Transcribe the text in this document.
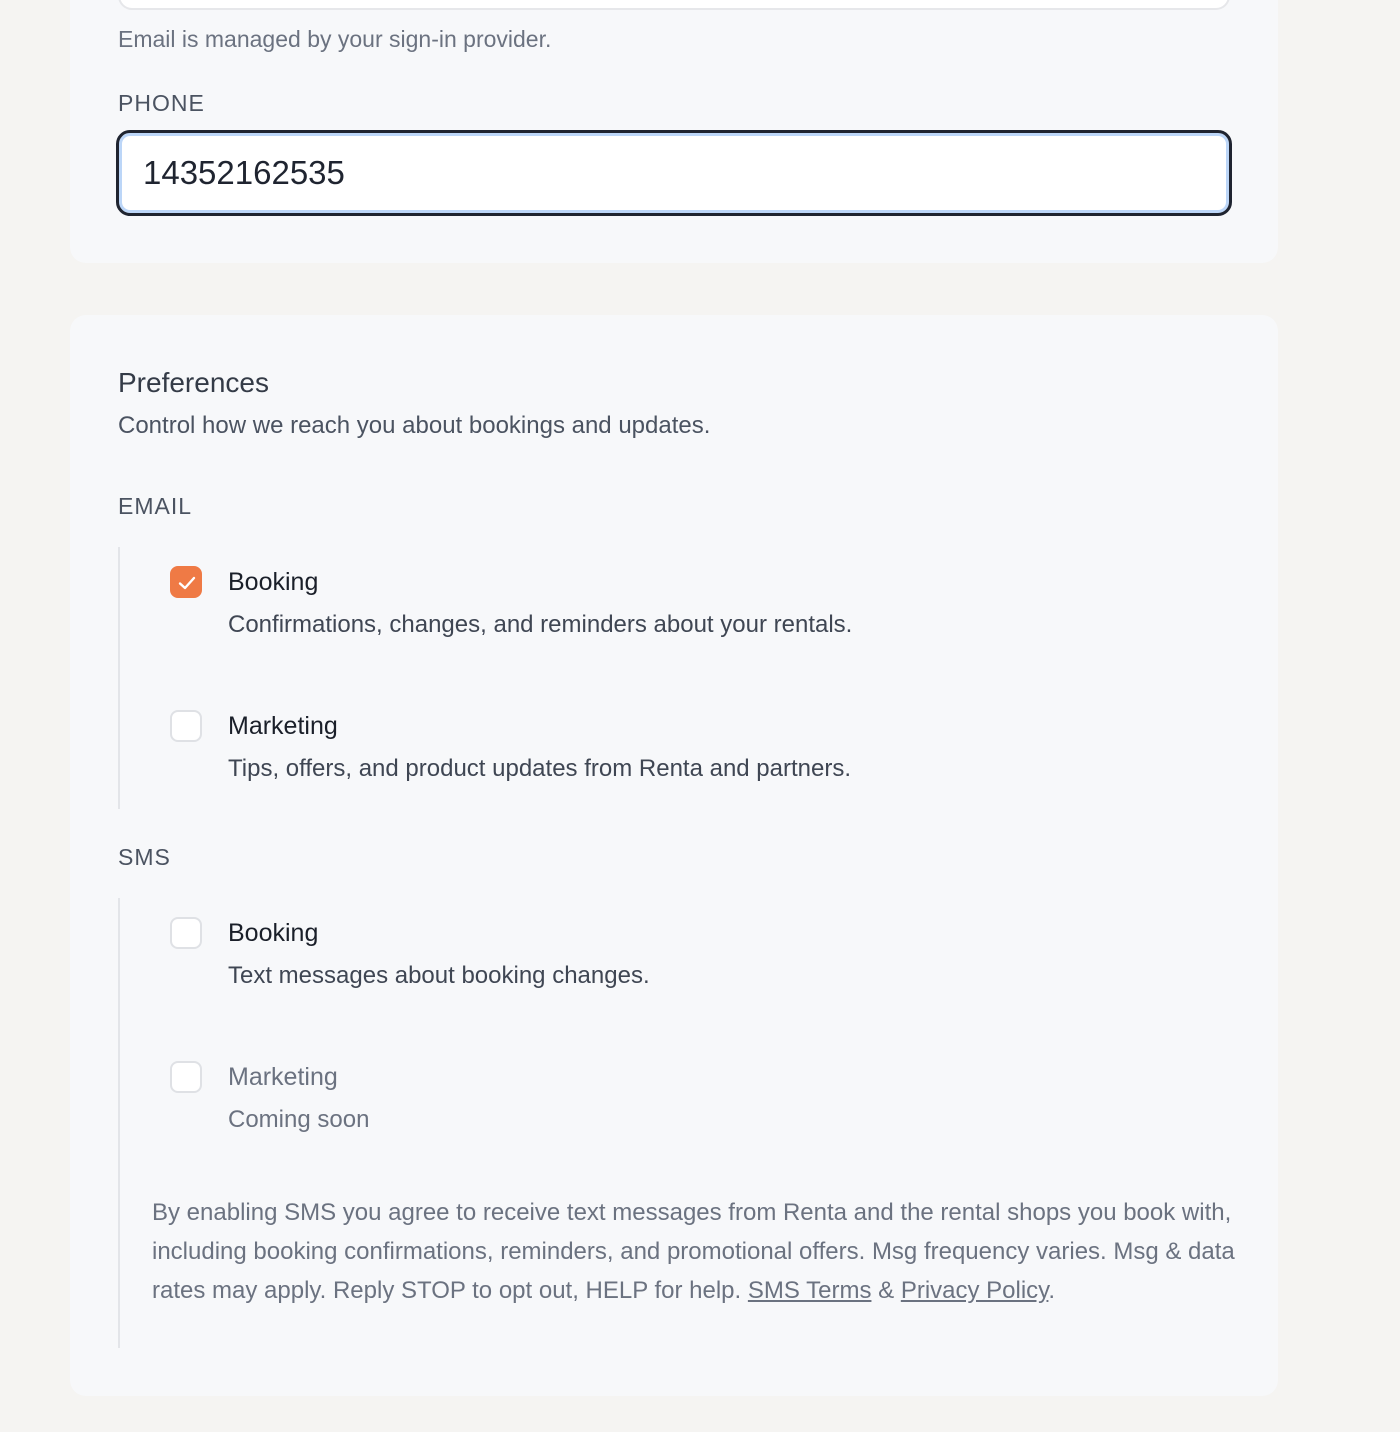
Email is managed by your sign-in provider.
PHONE
14352162535
Preferences
Control how we reach you about bookings and updates.
EMAIL
Booking
Confirmations, changes, and reminders about your rentals.
Marketing
Tips, offers, and product updates from Renta and partners.
SMS
Booking
Text messages about booking changes.
Marketing
Coming soon
By enabling SMS you agree to receive text messages from Renta and the rental shops you book with, including booking confirmations, reminders, and promotional offers. Msg frequency varies. Msg & data rates may apply. Reply STOP to opt out, HELP for help. SMS Terms & Privacy Policy.
